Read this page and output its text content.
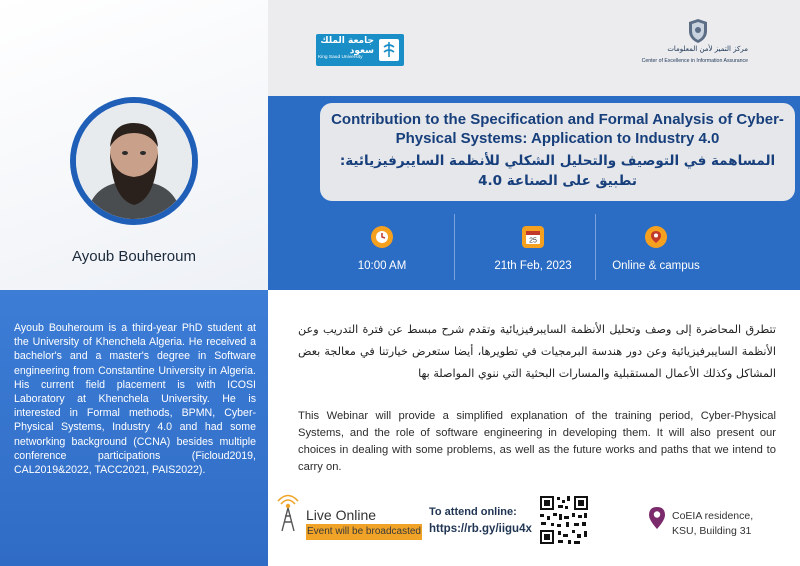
Ayoub Bouheroum
Ayoub Bouheroum is a third-year PhD student at the University of Khenchela Algeria. He received a bachelor's and a master's degree in Software engineering from Constantine University in Algeria. His current field placement is with ICOSI Laboratory at Khenchela University. He is interested in Formal methods, BPMN, Cyber-Physical Systems, Industry 4.0 and had some networking background (CCNA) besides multiple conference participations (Ficloud2019, CAL2019&2022, TACC2021, PAIS2022).
جامعة الملك سعود
King Saud University
مركز التميز لأمن المعلومات
Center of Excellence in Information Assurance
Contribution to the Specification and Formal Analysis of Cyber-Physical Systems: Application to Industry 4.0
المساهمة في التوصيف والتحليل الشكلي للأنظمة السايبرفيزيائية: تطبيق على الصناعة 4.0
10:00 AM
25
21th Feb, 2023	Online & campus
تتطرق المحاضرة إلى وصف وتحليل الأنظمة السايبرفيزيائية وتقدم شرح مبسط عن فترة التدريب وعن الأنظمة السايبرفيزيائية وعن دور هندسة البرمجيات في تطويرها، أيضا ستعرض خيارتنا في معالجة بعض المشاكل وكذلك الأعمال المستقبلية والمسارات البحثية التي ننوي المواصلة بها
This Webinar will provide a simplified explanation of the training period, Cyber-Physical Systems, and the role of software engineering in developing them. It will also present our choices in dealing with some problems, as well as the future works and paths that we intend to carry on.
Live Online
Event will be broadcasted
To attend online:
https://rb.gy/iigu4x
CoEIA residence,
KSU, Building 31
